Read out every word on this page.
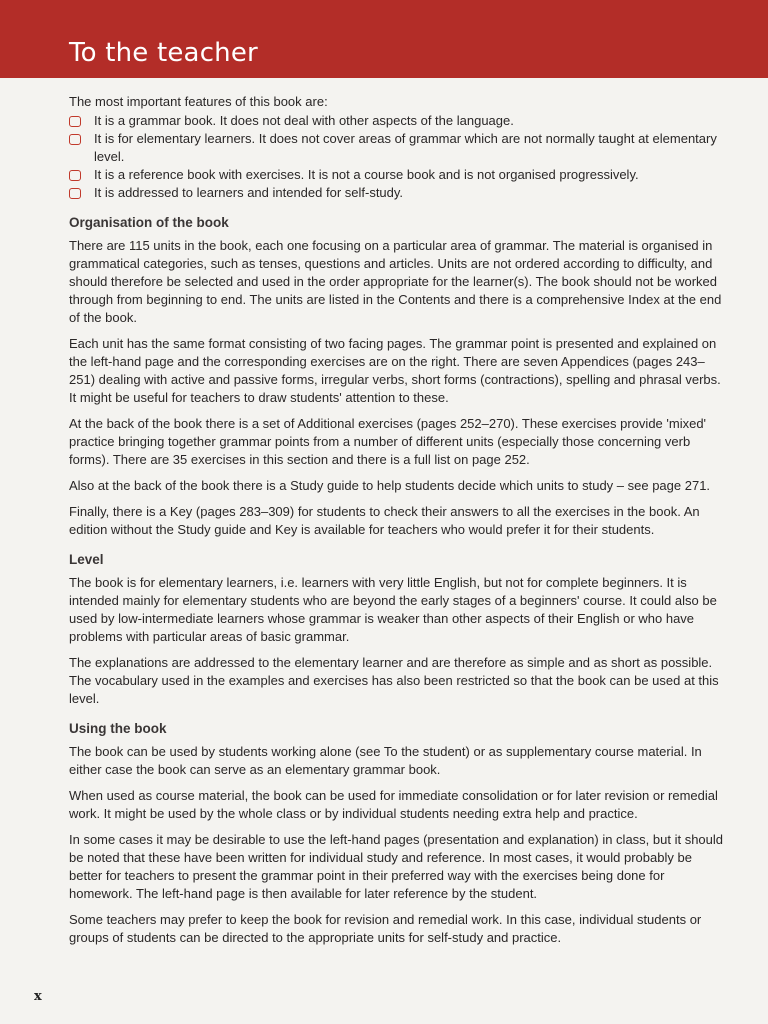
To the teacher

The most important features of this book are:

It is a grammar book. It does not deal with other aspects of the language.
It is for elementary learners. It does not cover areas of grammar which are not normally taught at elementary level.
It is a reference book with exercises. It is not a course book and is not organised progressively.
It is addressed to learners and intended for self-study.
Organisation of the book

There are 115 units in the book, each one focusing on a particular area of grammar. The material is organised in grammatical categories, such as tenses, questions and articles. Units are not ordered according to difficulty, and should therefore be selected and used in the order appropriate for the learner(s). The book should not be worked through from beginning to end. The units are listed in the Contents and there is a comprehensive Index at the end of the book.

Each unit has the same format consisting of two facing pages. The grammar point is presented and explained on the left-hand page and the corresponding exercises are on the right. There are seven Appendices (pages 243–251) dealing with active and passive forms, irregular verbs, short forms (contractions), spelling and phrasal verbs. It might be useful for teachers to draw students' attention to these.

At the back of the book there is a set of Additional exercises (pages 252–270). These exercises provide 'mixed' practice bringing together grammar points from a number of different units (especially those concerning verb forms). There are 35 exercises in this section and there is a full list on page 252.

Also at the back of the book there is a Study guide to help students decide which units to study – see page 271.

Finally, there is a Key (pages 283–309) for students to check their answers to all the exercises in the book. An edition without the Study guide and Key is available for teachers who would prefer it for their students.

Level

The book is for elementary learners, i.e. learners with very little English, but not for complete beginners. It is intended mainly for elementary students who are beyond the early stages of a beginners' course. It could also be used by low-intermediate learners whose grammar is weaker than other aspects of their English or who have problems with particular areas of basic grammar.

The explanations are addressed to the elementary learner and are therefore as simple and as short as possible. The vocabulary used in the examples and exercises has also been restricted so that the book can be used at this level.

Using the book

The book can be used by students working alone (see To the student) or as supplementary course material. In either case the book can serve as an elementary grammar book.

When used as course material, the book can be used for immediate consolidation or for later revision or remedial work. It might be used by the whole class or by individual students needing extra help and practice.

In some cases it may be desirable to use the left-hand pages (presentation and explanation) in class, but it should be noted that these have been written for individual study and reference. In most cases, it would probably be better for teachers to present the grammar point in their preferred way with the exercises being done for homework. The left-hand page is then available for later reference by the student.

Some teachers may prefer to keep the book for revision and remedial work. In this case, individual students or groups of students can be directed to the appropriate units for self-study and practice.

x
